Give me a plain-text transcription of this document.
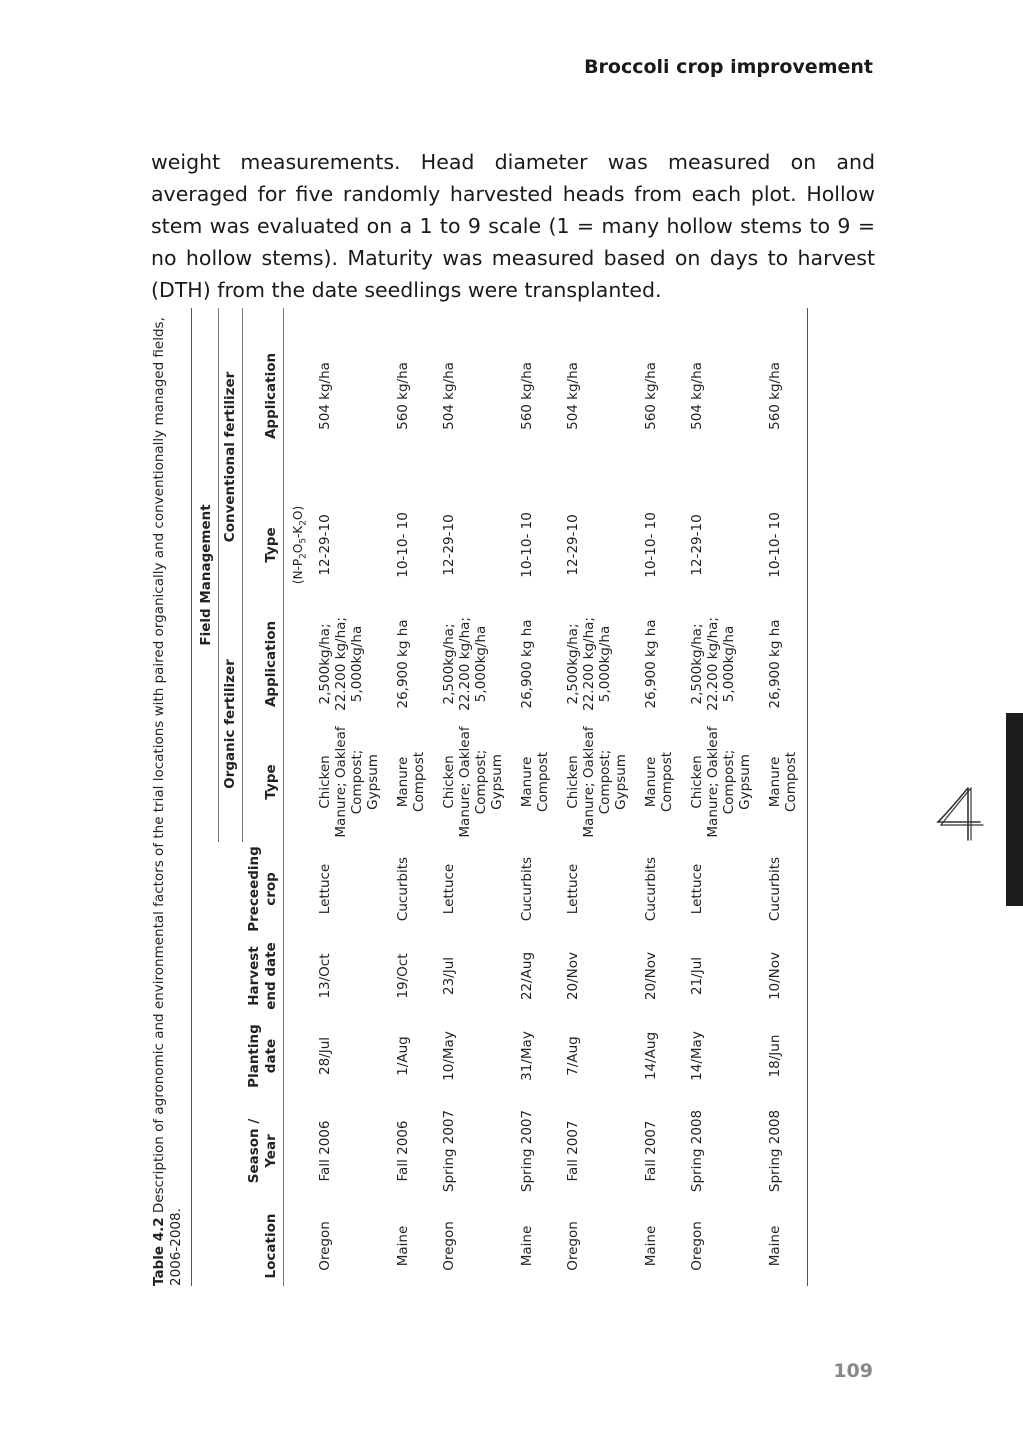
Broccoli crop improvement

weight measurements. Head diameter was measured on and averaged for five randomly harvested heads from each plot. Hollow stem was evaluated on a 1 to 9 scale (1 = many hollow stems to 9 = no hollow stems). Maturity was measured based on days to harvest (DTH) from the date seedlings were transplanted.

Table 4.2 Description of agronomic and environmental factors of the trial locations with paired organically and conventionally managed fields, 2006-2008.

					Field Management			
					Organic fertilizer		Conventional fertilizer	
Location	Season / Year	Planting date	Harvest end date	Preceeding crop	Type	Application	Type	Application
							$(N-P_2O_5-K_2O)$	
Oregon	Fall 2006	28/Jul	13/Oct	Lettuce	Chicken Manure; Oakleaf Compost; Gypsum	2,500kg/ha; 22.200 kg/ha; 5,000kg/ha	12-29-10	504 kg/ha
Maine	Fall 2006	1/Aug	19/Oct	Cucurbits	Manure Compost	26,900 kg ha	10-10- 10	560 kg/ha
Oregon	Spring 2007	10/May	23/Jul	Lettuce	Chicken Manure; Oakleaf Compost; Gypsum	2,500kg/ha; 22.200 kg/ha; 5,000kg/ha	12-29-10	504 kg/ha
Maine	Spring 2007	31/May	22/Aug	Cucurbits	Manure Compost	26,900 kg ha	10-10- 10	560 kg/ha
Oregon	Fall 2007	7/Aug	20/Nov	Lettuce	Chicken Manure; Oakleaf Compost; Gypsum	2,500kg/ha; 22.200 kg/ha; 5,000kg/ha	12-29-10	504 kg/ha
Maine	Fall 2007	14/Aug	20/Nov	Cucurbits	Manure Compost	26,900 kg ha	10-10- 10	560 kg/ha
Oregon	Spring 2008	14/May	21/Jul	Lettuce	Chicken Manure; Oakleaf Compost; Gypsum	2,500kg/ha; 22.200 kg/ha; 5,000kg/ha	12-29-10	504 kg/ha
Maine	Spring 2008	18/Jun	10/Nov	Cucurbits	Manure Compost	26,900 kg ha	10-10- 10	560 kg/ha
109
